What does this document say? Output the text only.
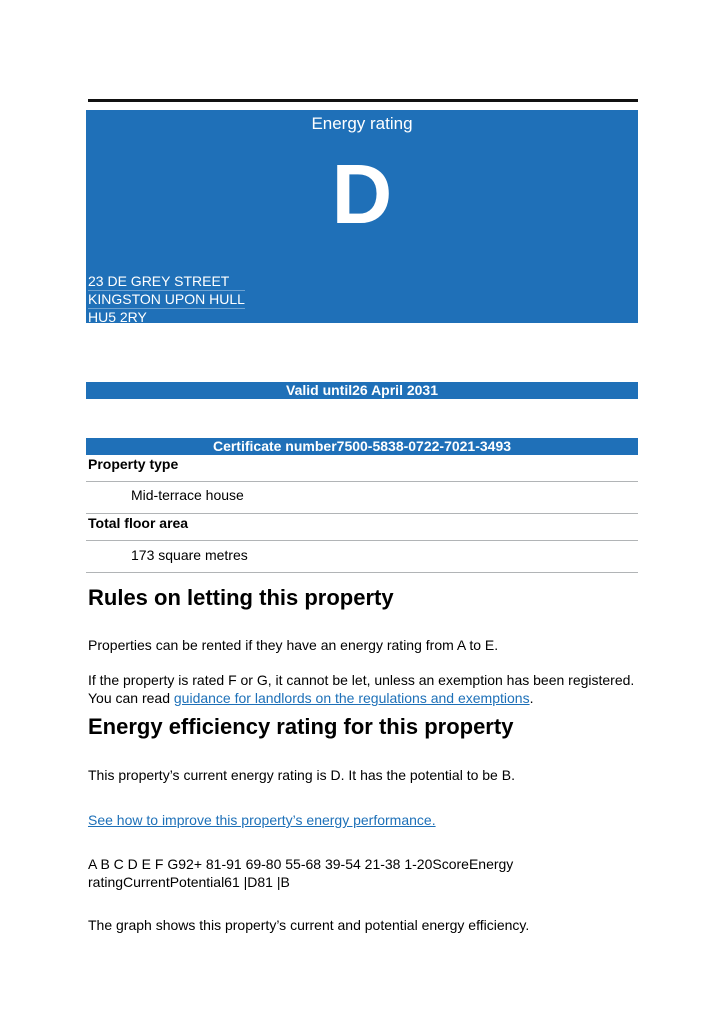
Energy rating
D
23 DE GREY STREET
KINGSTON UPON HULL
HU5 2RY
Valid until26 April 2031
Certificate number7500-5838-0722-7021-3493
Property type
Mid-terrace house
Total floor area
173 square metres
Rules on letting this property
Properties can be rented if they have an energy rating from A to E.
If the property is rated F or G, it cannot be let, unless an exemption has been registered. You can read guidance for landlords on the regulations and exemptions.
Energy efficiency rating for this property
This property’s current energy rating is D. It has the potential to be B.
See how to improve this property’s energy performance.
A B C D E F G92+ 81-91 69-80 55-68 39-54 21-38 1-20ScoreEnergy ratingCurrentPotential61 |D81 |B
The graph shows this property’s current and potential energy efficiency.
